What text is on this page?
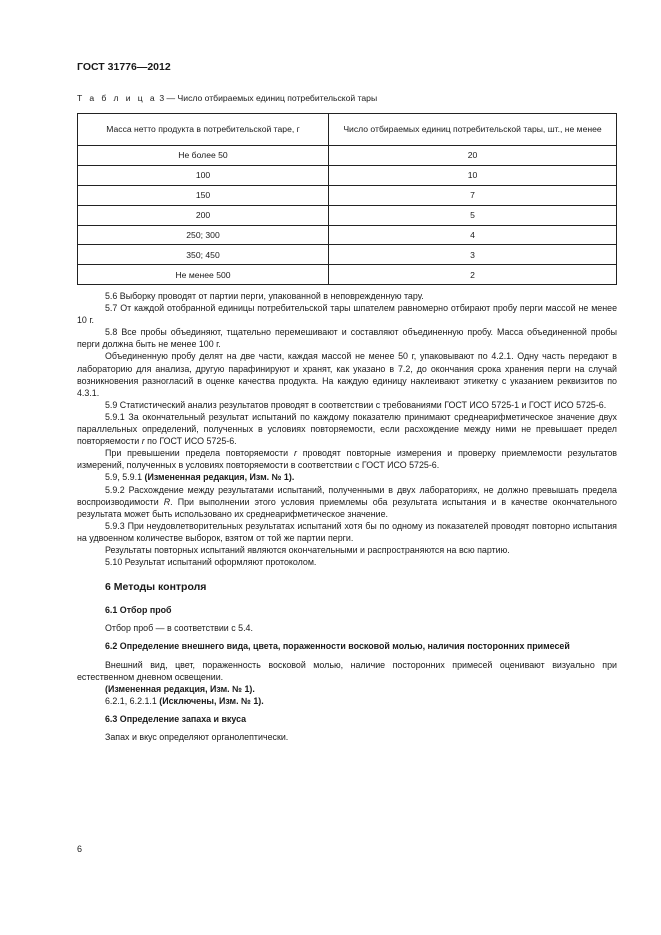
ГОСТ 31776—2012
Т а б л и ц а 3 — Число отбираемых единиц потребительской тары
Масса нетто продукта в потребительской таре, г	Число отбираемых единиц потребительской тары, шт., не менее

Не более 50	20
100	10
150	7
200	5
250; 300	4
350; 450	3
Не менее 500	2

5.6 Выборку проводят от партии перги, упакованной в неповрежденную тару.

5.7 От каждой отобранной единицы потребительской тары шпателем равномерно отбирают пробу перги массой не менее 10 г.

5.8 Все пробы объединяют, тщательно перемешивают и составляют объединенную пробу. Масса объединенной пробы перги должна быть не менее 100 г.

Объединенную пробу делят на две части, каждая массой не менее 50 г, упаковывают по 4.2.1. Одну часть передают в лабораторию для анализа, другую парафинируют и хранят, как указано в 7.2, до окончания срока хранения перги на случай возникновения разногласий в оценке качества продукта. На каждую единицу наклеивают этикетку с указанием реквизитов по 4.3.1.

5.9 Статистический анализ результатов проводят в соответствии с требованиями ГОСТ ИСО 5725-1 и ГОСТ ИСО 5725-6.

5.9.1 За окончательный результат испытаний по каждому показателю принимают среднеарифметическое значение двух параллельных определений, полученных в условиях повторяемости, если расхождение между ними не превышает предел повторяемости r по ГОСТ ИСО 5725-6.

При превышении предела повторяемости r проводят повторные измерения и проверку приемлемости результатов измерений, полученных в условиях повторяемости в соответствии с ГОСТ ИСО 5725-6.

5.9, 5.9.1 (Измененная редакция, Изм. № 1).

5.9.2 Расхождение между результатами испытаний, полученными в двух лабораториях, не должно превышать предела воспроизводимости R. При выполнении этого условия приемлемы оба результата испытания и в качестве окончательного результата может быть использовано их среднеарифметическое значение.

5.9.3 При неудовлетворительных результатах испытаний хотя бы по одному из показателей проводят повторно испытания на удвоенном количестве выборок, взятом от той же партии перги.

Результаты повторных испытаний являются окончательными и распространяются на всю партию.

5.10 Результат испытаний оформляют протоколом.

6 Методы контроля

6.1 Отбор проб

Отбор проб — в соответствии с 5.4.

6.2 Определение внешнего вида, цвета, пораженности восковой молью, наличия посторонних примесей

Внешний вид, цвет, пораженность восковой молью, наличие посторонних примесей оценивают визуально при естественном дневном освещении.

(Измененная редакция, Изм. № 1).

6.2.1, 6.2.1.1 (Исключены, Изм. № 1).

6.3 Определение запаха и вкуса

Запах и вкус определяют органолептически.

6
